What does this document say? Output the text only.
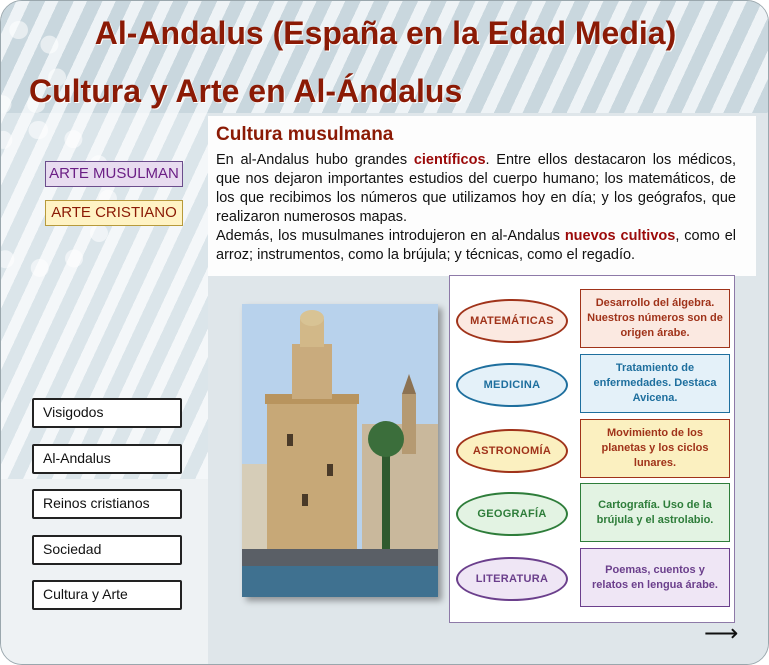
Al-Andalus (España en la Edad Media)
Cultura y Arte en Al-Ándalus
Cultura musulmana
En al-Andalus hubo grandes científicos. Entre ellos destacaron los médicos, que nos dejaron importantes estudios del cuerpo humano; los matemáticos, de los que recibimos los números que utilizamos hoy en día; y los geógrafos, que realizaron numerosos mapas.
Además, los musulmanes introdujeron en al-Andalus nuevos cultivos, como el arroz; instrumentos, como la brújula; y técnicas, como el regadío.
ARTE MUSULMAN
ARTE CRISTIANO
Visigodos
Al-Andalus
Reinos cristianos
Sociedad
Cultura y Arte
MATEMÁTICAS
Desarrollo del álgebra. Nuestros números son de origen árabe.
MEDICINA
Tratamiento de enfermedades. Destaca Avicena.
ASTRONOMÍA
Movimiento de los planetas y los ciclos lunares.
GEOGRAFÍA
Cartografía. Uso de la brújula y el astrolabio.
LITERATURA
Poemas, cuentos y relatos en lengua árabe.
⟶
